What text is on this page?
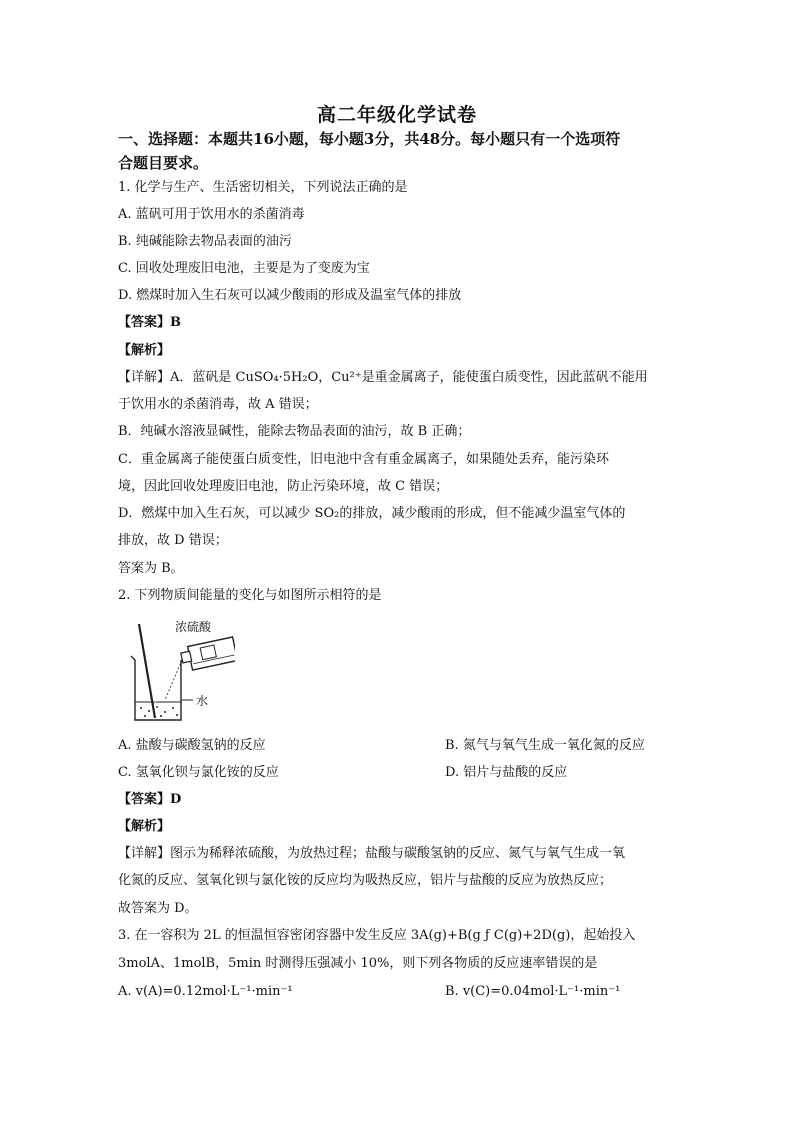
高二年级化学试卷
一、选择题：本题共16小题，每小题3分，共48分。每小题只有一个选项符
合题目要求。
1. 化学与生产、生活密切相关，下列说法正确的是
A. 蓝矾可用于饮用水的杀菌消毒
B. 纯碱能除去物品表面的油污
C. 回收处理废旧电池，主要是为了变废为宝
D. 燃煤时加入生石灰可以减少酸雨的形成及温室气体的排放
【答案】B
【解析】
【详解】A．蓝矾是 CuSO₄·5H₂O，Cu²⁺是重金属离子，能使蛋白质变性，因此蓝矾不能用
于饮用水的杀菌消毒，故 A 错误；
B．纯碱水溶液显碱性，能除去物品表面的油污，故 B 正确；
C．重金属离子能使蛋白质变性，旧电池中含有重金属离子，如果随处丢弃，能污染环
境，因此回收处理废旧电池，防止污染环境，故 C 错误；
D．燃煤中加入生石灰，可以减少 SO₂的排放，减少酸雨的形成，但不能减少温室气体的
排放，故 D 错误；
答案为 B。
2. 下列物质间能量的变化与如图所示相符的是
浓硫酸
水
A. 盐酸与碳酸氢钠的反应	B. 氮气与氧气生成一氧化氮的反应
C. 氢氧化钡与氯化铵的反应	D. 铝片与盐酸的反应
【答案】D
【解析】
【详解】图示为稀释浓硫酸，为放热过程；盐酸与碳酸氢钠的反应、氮气与氧气生成一氧
化氮的反应、氢氧化钡与氯化铵的反应均为吸热反应，铝片与盐酸的反应为放热反应；
故答案为 D。
3. 在一容积为 2L 的恒温恒容密闭容器中发生反应 3A(g)+B(g ƒ C(g)+2D(g)，起始投入
3molA、1molB，5min 时测得压强减小 10%，则下列各物质的反应速率错误的是
A. v(A)=0.12mol·L⁻¹·min⁻¹	B. v(C)=0.04mol·L⁻¹·min⁻¹
